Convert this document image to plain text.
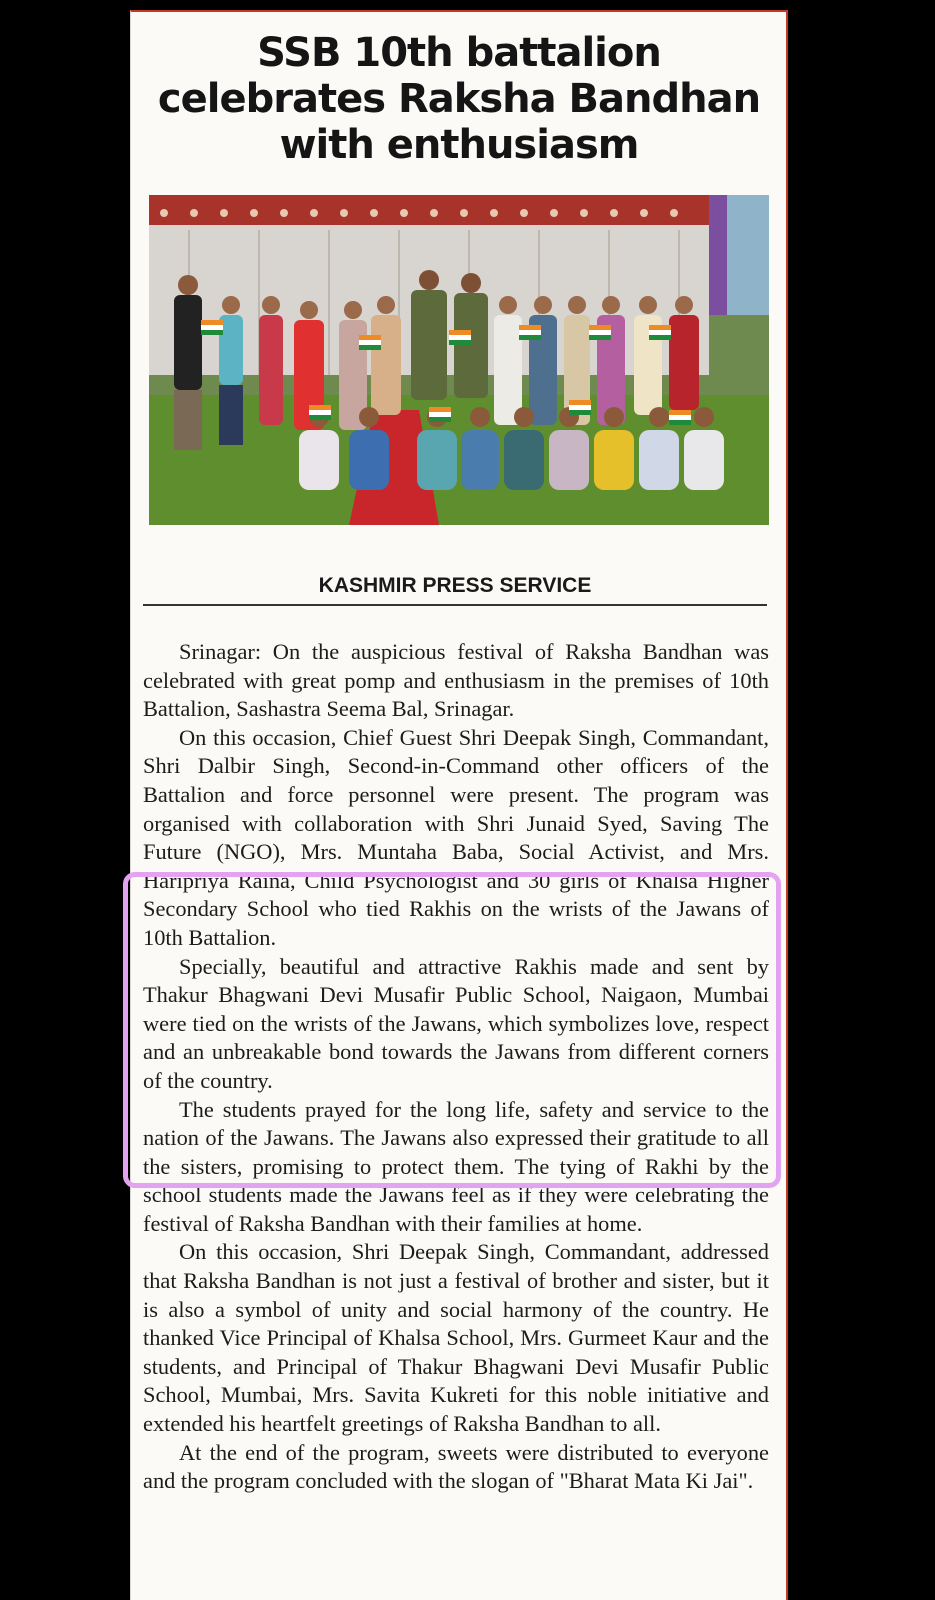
SSB 10th battalion
celebrates Raksha Bandhan
with enthusiasm
KASHMIR PRESS SERVICE

Srinagar: On the auspicious festival of Raksha Bandhan was celebrated with great pomp and enthusiasm in the premises of 10th Battalion, Sashastra Seema Bal, Srinagar.

On this occasion, Chief Guest Shri Deepak Singh, Commandant, Shri Dalbir Singh, Second-in-Command other officers of the Battalion and force personnel were present. The program was organised with collaboration with Shri Junaid Syed, Saving The Future (NGO), Mrs. Muntaha Baba, Social Activist, and Mrs. Haripriya Raina, Child Psychologist and 30 girls of Khalsa Higher Secondary School who tied Rakhis on the wrists of the Jawans of 10th Battalion.

Specially, beautiful and attractive Rakhis made and sent by Thakur Bhagwani Devi Musafir Public School, Naigaon, Mumbai were tied on the wrists of the Jawans, which symbolizes love, respect and an unbreakable bond towards the Jawans from different corners of the country.

The students prayed for the long life, safety and service to the nation of the Jawans. The Jawans also expressed their gratitude to all the sisters, promising to protect them. The tying of Rakhi by the school students made the Jawans feel as if they were celebrating the festival of Raksha Bandhan with their families at home.

On this occasion, Shri Deepak Singh, Commandant, addressed that Raksha Bandhan is not just a festival of brother and sister, but it is also a symbol of unity and social harmony of the country. He thanked Vice Principal of Khalsa School, Mrs. Gurmeet Kaur and the students, and Principal of Thakur Bhagwani Devi Musafir Public School, Mumbai, Mrs. Savita Kukreti for this noble initiative and extended his heartfelt greetings of Raksha Bandhan to all.

At the end of the program, sweets were distributed to everyone and the program concluded with the slogan of "Bharat Mata Ki Jai".
